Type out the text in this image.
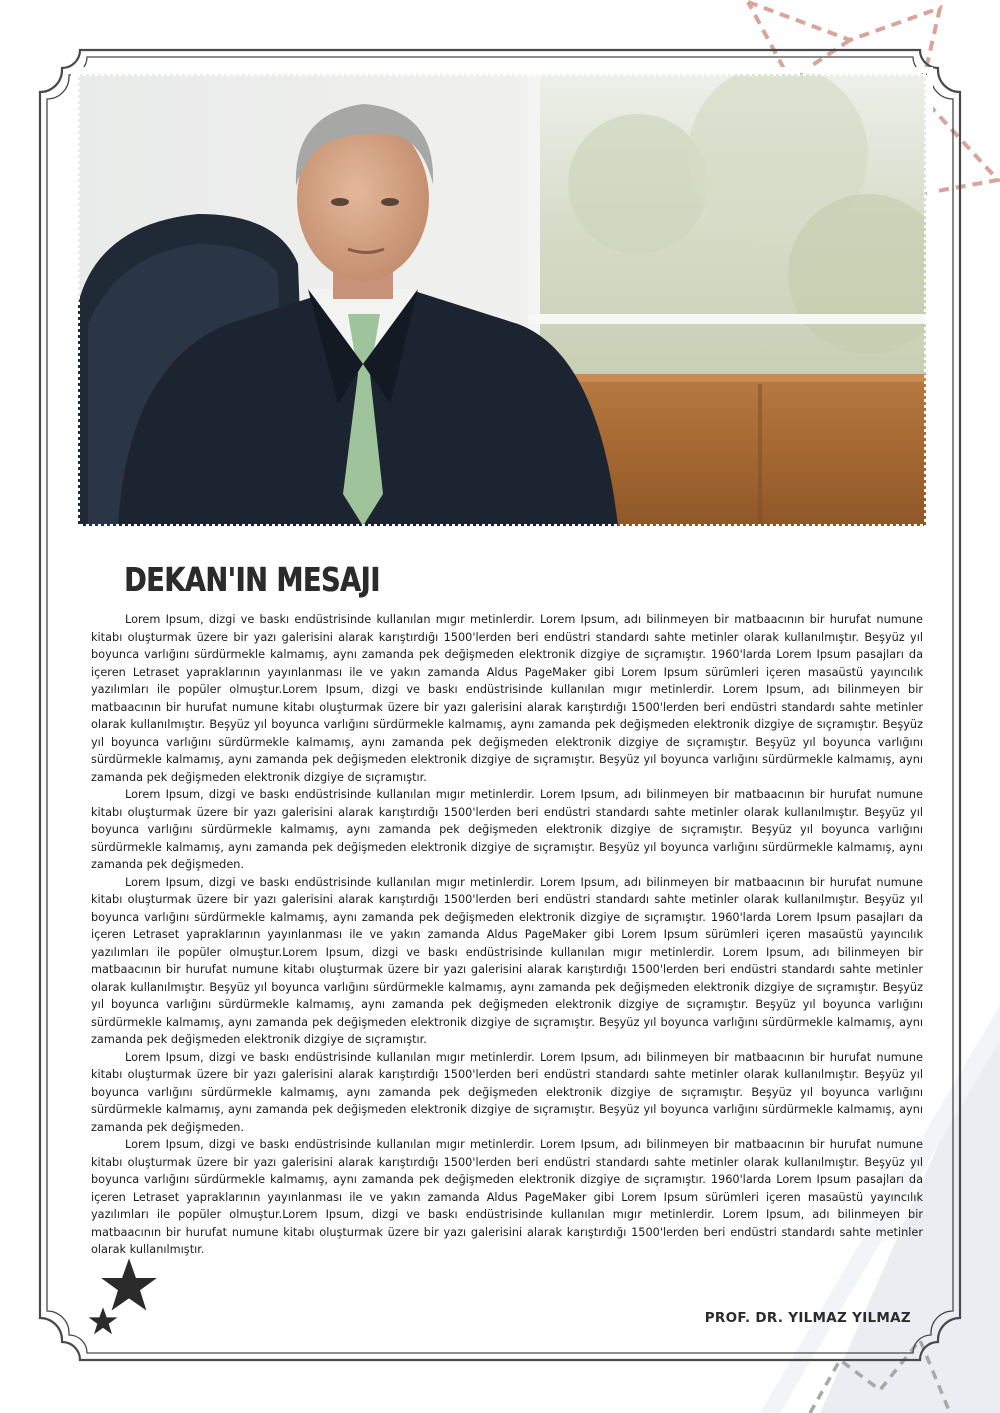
DEKAN'IN MESAJI

Lorem Ipsum, dizgi ve baskı endüstrisinde kullanılan mıgır metinlerdir. Lorem Ipsum, adı bilinmeyen bir matbaacının bir hurufat numune kitabı oluşturmak üzere bir yazı galerisini alarak karıştırdığı 1500'lerden beri endüstri standardı sahte metinler olarak kullanılmıştır. Beşyüz yıl boyunca varlığını sürdürmekle kalmamış, aynı zamanda pek değişmeden elektronik dizgiye de sıçramıştır. 1960'larda Lorem Ipsum pasajları da içeren Letraset yapraklarının yayınlanması ile ve yakın zamanda Aldus PageMaker gibi Lorem Ipsum sürümleri içeren masaüstü yayıncılık yazılımları ile popüler olmuştur.Lorem Ipsum, dizgi ve baskı endüstrisinde kullanılan mıgır metinlerdir. Lorem Ipsum, adı bilinmeyen bir matbaacının bir hurufat numune kitabı oluşturmak üzere bir yazı galerisini alarak karıştırdığı 1500'lerden beri endüstri standardı sahte metinler olarak kullanılmıştır. Beşyüz yıl boyunca varlığını sürdürmekle kalmamış, aynı zamanda pek değişmeden elektronik dizgiye de sıçramıştır. Beşyüz yıl boyunca varlığını sürdürmekle kalmamış, aynı zamanda pek değişmeden elektronik dizgiye de sıçramıştır. Beşyüz yıl boyunca varlığını sürdürmekle kalmamış, aynı zamanda pek değişmeden elektronik dizgiye de sıçramıştır. Beşyüz yıl boyunca varlığını sürdürmekle kalmamış, aynı zamanda pek değişmeden elektronik dizgiye de sıçramıştır.

Lorem Ipsum, dizgi ve baskı endüstrisinde kullanılan mıgır metinlerdir. Lorem Ipsum, adı bilinmeyen bir matbaacının bir hurufat numune kitabı oluşturmak üzere bir yazı galerisini alarak karıştırdığı 1500'lerden beri endüstri standardı sahte metinler olarak kullanılmıştır. Beşyüz yıl boyunca varlığını sürdürmekle kalmamış, aynı zamanda pek değişmeden elektronik dizgiye de sıçramıştır. Beşyüz yıl boyunca varlığını sürdürmekle kalmamış, aynı zamanda pek değişmeden elektronik dizgiye de sıçramıştır. Beşyüz yıl boyunca varlığını sürdürmekle kalmamış, aynı zamanda pek değişmeden.

Lorem Ipsum, dizgi ve baskı endüstrisinde kullanılan mıgır metinlerdir. Lorem Ipsum, adı bilinmeyen bir matbaacının bir hurufat numune kitabı oluşturmak üzere bir yazı galerisini alarak karıştırdığı 1500'lerden beri endüstri standardı sahte metinler olarak kullanılmıştır. Beşyüz yıl boyunca varlığını sürdürmekle kalmamış, aynı zamanda pek değişmeden elektronik dizgiye de sıçramıştır. 1960'larda Lorem Ipsum pasajları da içeren Letraset yapraklarının yayınlanması ile ve yakın zamanda Aldus PageMaker gibi Lorem Ipsum sürümleri içeren masaüstü yayıncılık yazılımları ile popüler olmuştur.Lorem Ipsum, dizgi ve baskı endüstrisinde kullanılan mıgır metinlerdir. Lorem Ipsum, adı bilinmeyen bir matbaacının bir hurufat numune kitabı oluşturmak üzere bir yazı galerisini alarak karıştırdığı 1500'lerden beri endüstri standardı sahte metinler olarak kullanılmıştır. Beşyüz yıl boyunca varlığını sürdürmekle kalmamış, aynı zamanda pek değişmeden elektronik dizgiye de sıçramıştır. Beşyüz yıl boyunca varlığını sürdürmekle kalmamış, aynı zamanda pek değişmeden elektronik dizgiye de sıçramıştır. Beşyüz yıl boyunca varlığını sürdürmekle kalmamış, aynı zamanda pek değişmeden elektronik dizgiye de sıçramıştır. Beşyüz yıl boyunca varlığını sürdürmekle kalmamış, aynı zamanda pek değişmeden elektronik dizgiye de sıçramıştır.

Lorem Ipsum, dizgi ve baskı endüstrisinde kullanılan mıgır metinlerdir. Lorem Ipsum, adı bilinmeyen bir matbaacının bir hurufat numune kitabı oluşturmak üzere bir yazı galerisini alarak karıştırdığı 1500'lerden beri endüstri standardı sahte metinler olarak kullanılmıştır. Beşyüz yıl boyunca varlığını sürdürmekle kalmamış, aynı zamanda pek değişmeden elektronik dizgiye de sıçramıştır. Beşyüz yıl boyunca varlığını sürdürmekle kalmamış, aynı zamanda pek değişmeden elektronik dizgiye de sıçramıştır. Beşyüz yıl boyunca varlığını sürdürmekle kalmamış, aynı zamanda pek değişmeden.

Lorem Ipsum, dizgi ve baskı endüstrisinde kullanılan mıgır metinlerdir. Lorem Ipsum, adı bilinmeyen bir matbaacının bir hurufat numune kitabı oluşturmak üzere bir yazı galerisini alarak karıştırdığı 1500'lerden beri endüstri standardı sahte metinler olarak kullanılmıştır. Beşyüz yıl boyunca varlığını sürdürmekle kalmamış, aynı zamanda pek değişmeden elektronik dizgiye de sıçramıştır. 1960'larda Lorem Ipsum pasajları da içeren Letraset yapraklarının yayınlanması ile ve yakın zamanda Aldus PageMaker gibi Lorem Ipsum sürümleri içeren masaüstü yayıncılık yazılımları ile popüler olmuştur.Lorem Ipsum, dizgi ve baskı endüstrisinde kullanılan mıgır metinlerdir. Lorem Ipsum, adı bilinmeyen bir matbaacının bir hurufat numune kitabı oluşturmak üzere bir yazı galerisini alarak karıştırdığı 1500'lerden beri endüstri standardı sahte metinler olarak kullanılmıştır.

PROF. DR. YILMAZ YILMAZ
